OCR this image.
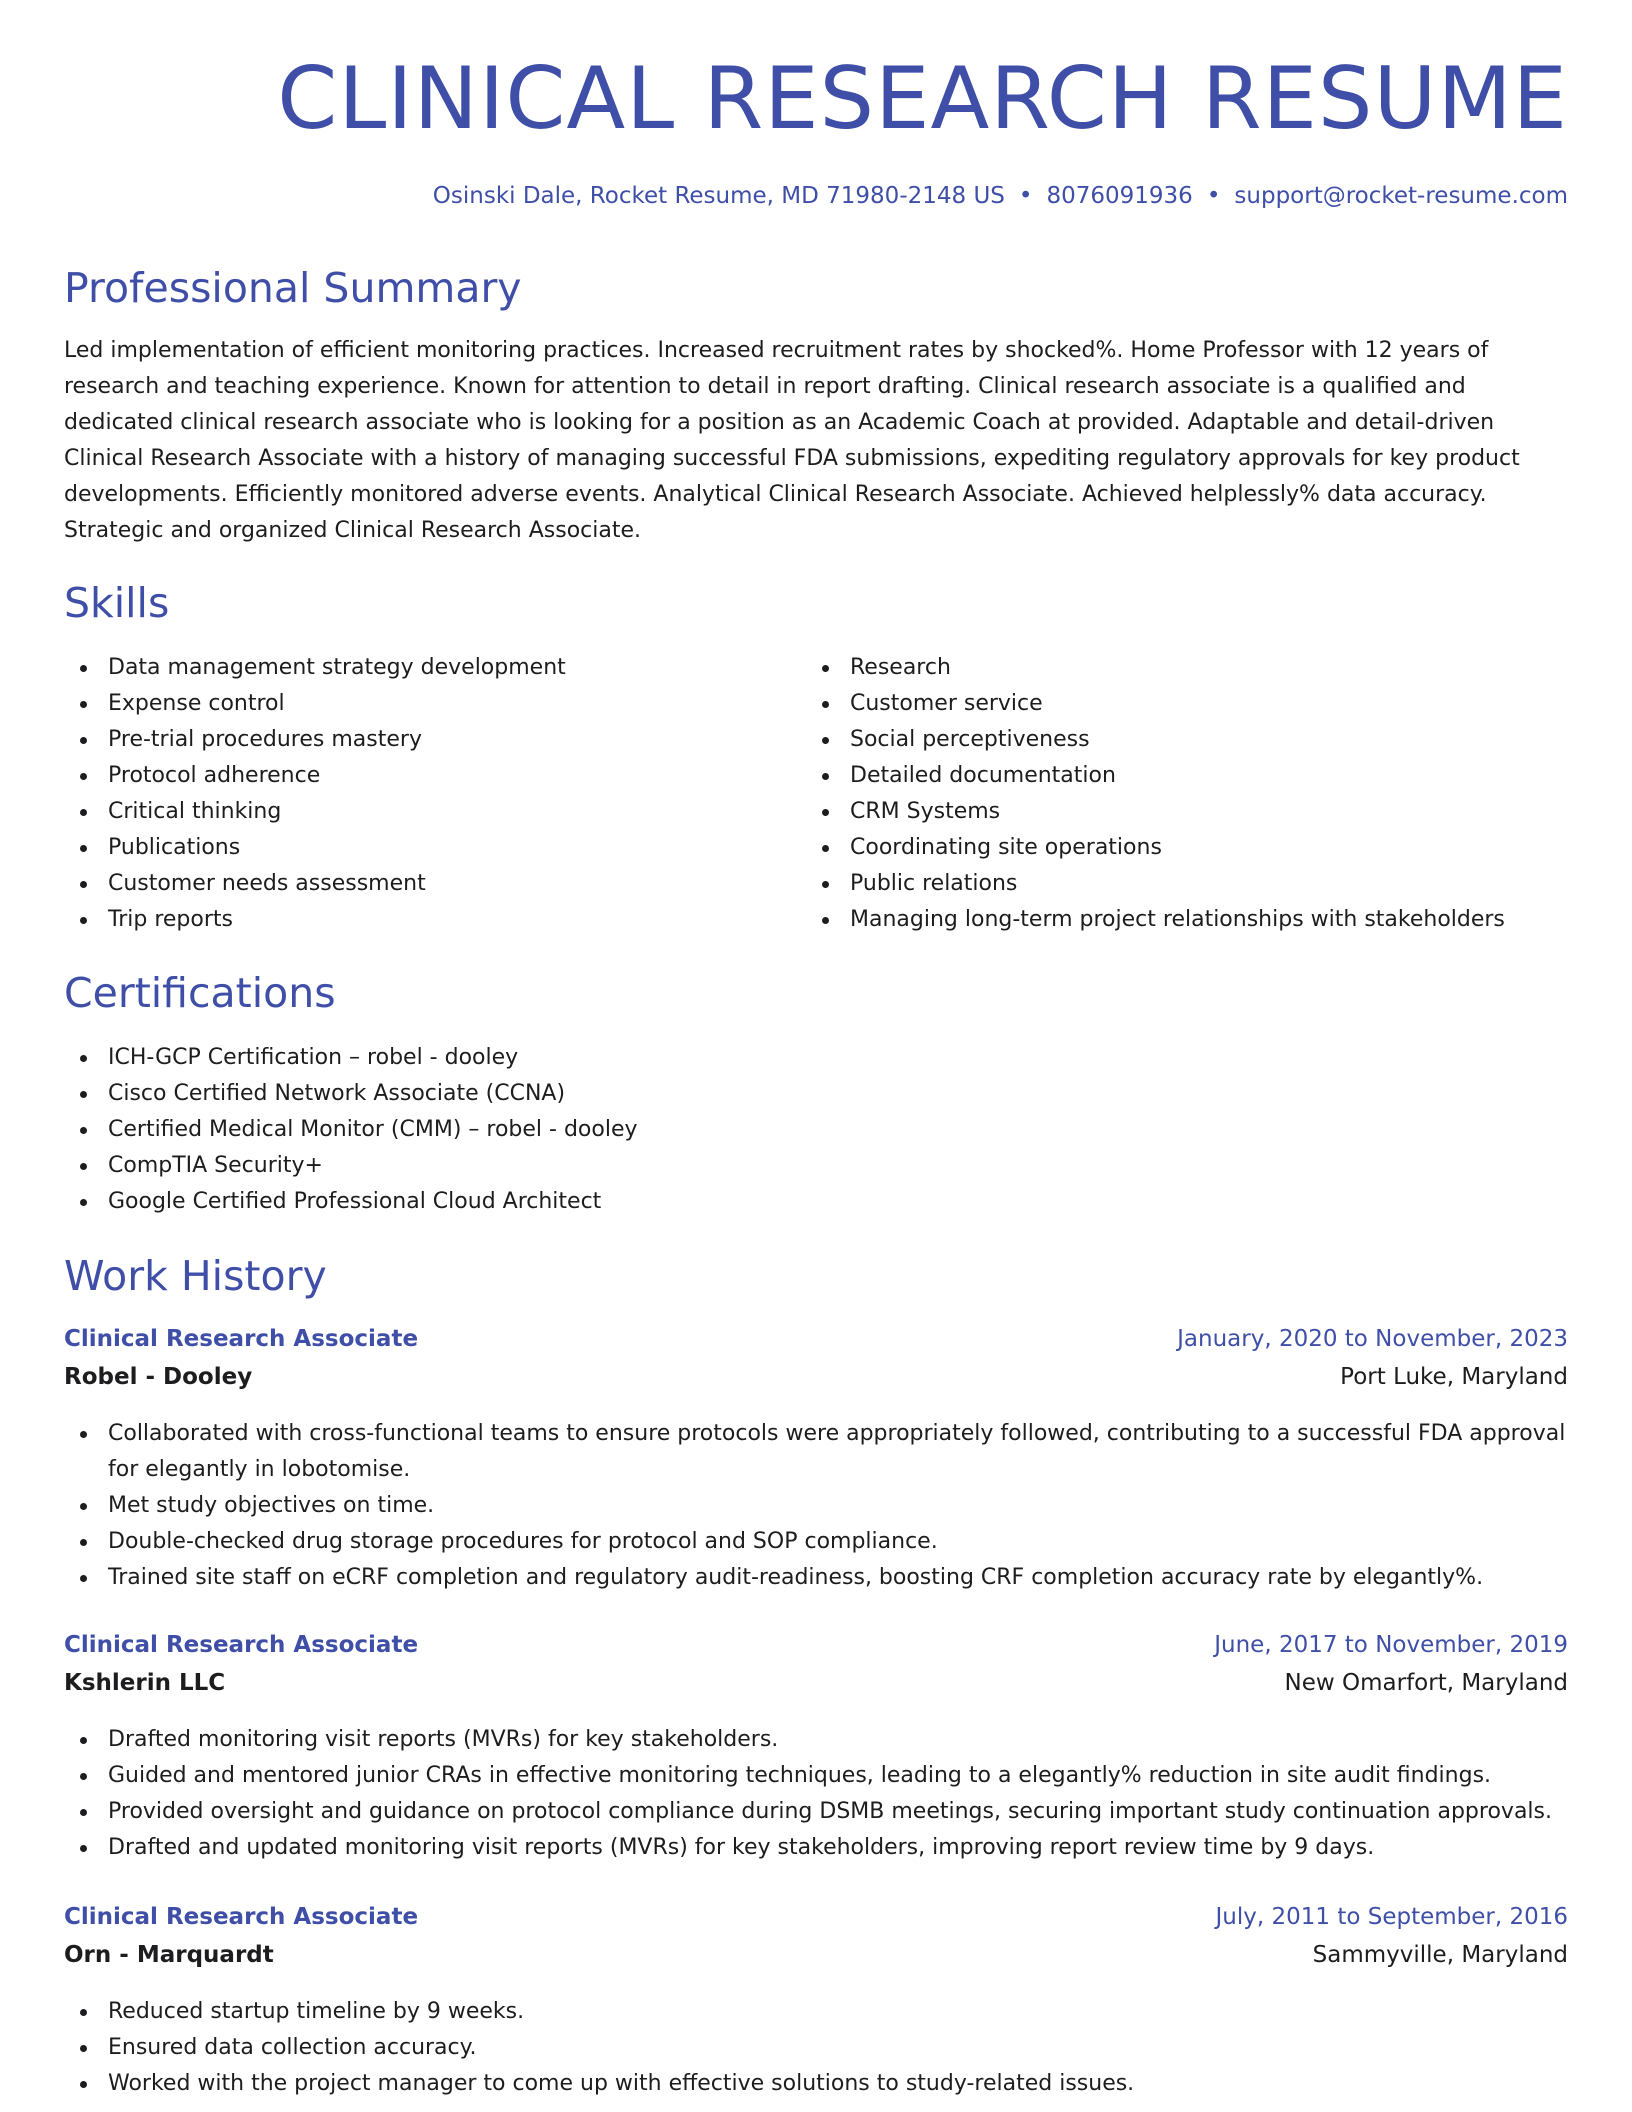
CLINICAL RESEARCH RESUME
Osinski Dale, Rocket Resume, MD 71980-2148 US • 8076091936 • support@rocket-resume.com
Professional Summary

Led implementation of efficient monitoring practices. Increased recruitment rates by shocked%. Home Professor with 12 years of research and teaching experience. Known for attention to detail in report drafting. Clinical research associate is a qualified and dedicated clinical research associate who is looking for a position as an Academic Coach at provided. Adaptable and detail-driven Clinical Research Associate with a history of managing successful FDA submissions, expediting regulatory approvals for key product developments. Efficiently monitored adverse events. Analytical Clinical Research Associate. Achieved helplessly% data accuracy. Strategic and organized Clinical Research Associate.

Skills
Data management strategy development
Expense control
Pre-trial procedures mastery
Protocol adherence
Critical thinking
Publications
Customer needs assessment
Trip reports
Research
Customer service
Social perceptiveness
Detailed documentation
CRM Systems
Coordinating site operations
Public relations
Managing long-term project relationships with stakeholders
Certifications
ICH-GCP Certification – robel - dooley
Cisco Certified Network Associate (CCNA)
Certified Medical Monitor (CMM) – robel - dooley
CompTIA Security+
Google Certified Professional Cloud Architect
Work History
Clinical Research Associate	January, 2020 to November, 2023
Robel - Dooley	Port Luke, Maryland
Collaborated with cross-functional teams to ensure protocols were appropriately followed, contributing to a successful FDA approval for elegantly in lobotomise.
Met study objectives on time.
Double-checked drug storage procedures for protocol and SOP compliance.
Trained site staff on eCRF completion and regulatory audit-readiness, boosting CRF completion accuracy rate by elegantly%.
Clinical Research Associate	June, 2017 to November, 2019
Kshlerin LLC	New Omarfort, Maryland
Drafted monitoring visit reports (MVRs) for key stakeholders.
Guided and mentored junior CRAs in effective monitoring techniques, leading to a elegantly% reduction in site audit findings.
Provided oversight and guidance on protocol compliance during DSMB meetings, securing important study continuation approvals.
Drafted and updated monitoring visit reports (MVRs) for key stakeholders, improving report review time by 9 days.
Clinical Research Associate	July, 2011 to September, 2016
Orn - Marquardt	Sammyville, Maryland
Reduced startup timeline by 9 weeks.
Ensured data collection accuracy.
Worked with the project manager to come up with effective solutions to study-related issues.
